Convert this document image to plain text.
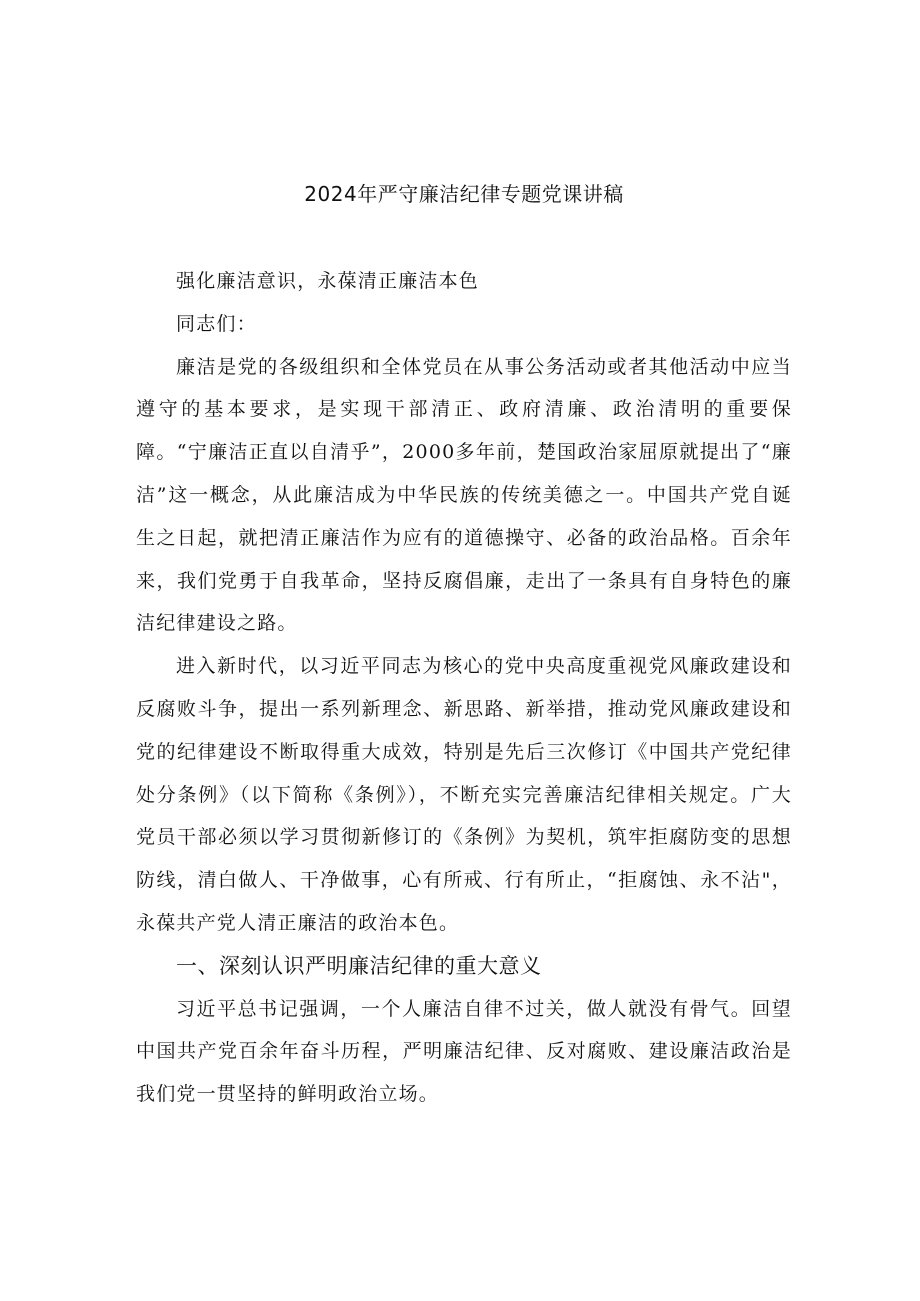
2024年严守廉洁纪律专题党课讲稿

强化廉洁意识，永葆清正廉洁本色

同志们：

廉洁是党的各级组织和全体党员在从事公务活动或者其他活动中应当遵守的基本要求，是实现干部清正、政府清廉、政治清明的重要保障。“宁廉洁正直以自清乎”，2000多年前，楚国政治家屈原就提出了“廉洁”这一概念，从此廉洁成为中华民族的传统美德之一。中国共产党自诞生之日起，就把清正廉洁作为应有的道德操守、必备的政治品格。百余年来，我们党勇于自我革命，坚持反腐倡廉，走出了一条具有自身特色的廉洁纪律建设之路。

进入新时代，以习近平同志为核心的党中央高度重视党风廉政建设和反腐败斗争，提出一系列新理念、新思路、新举措，推动党风廉政建设和党的纪律建设不断取得重大成效，特别是先后三次修订《中国共产党纪律处分条例》（以下简称《条例》），不断充实完善廉洁纪律相关规定。广大党员干部必须以学习贯彻新修订的《条例》为契机，筑牢拒腐防变的思想防线，清白做人、干净做事，心有所戒、行有所止，“拒腐蚀、永不沾"，永葆共产党人清正廉洁的政治本色。

一、深刻认识严明廉洁纪律的重大意义

习近平总书记强调，一个人廉洁自律不过关，做人就没有骨气。回望中国共产党百余年奋斗历程，严明廉洁纪律、反对腐败、建设廉洁政治是我们党一贯坚持的鲜明政治立场。
